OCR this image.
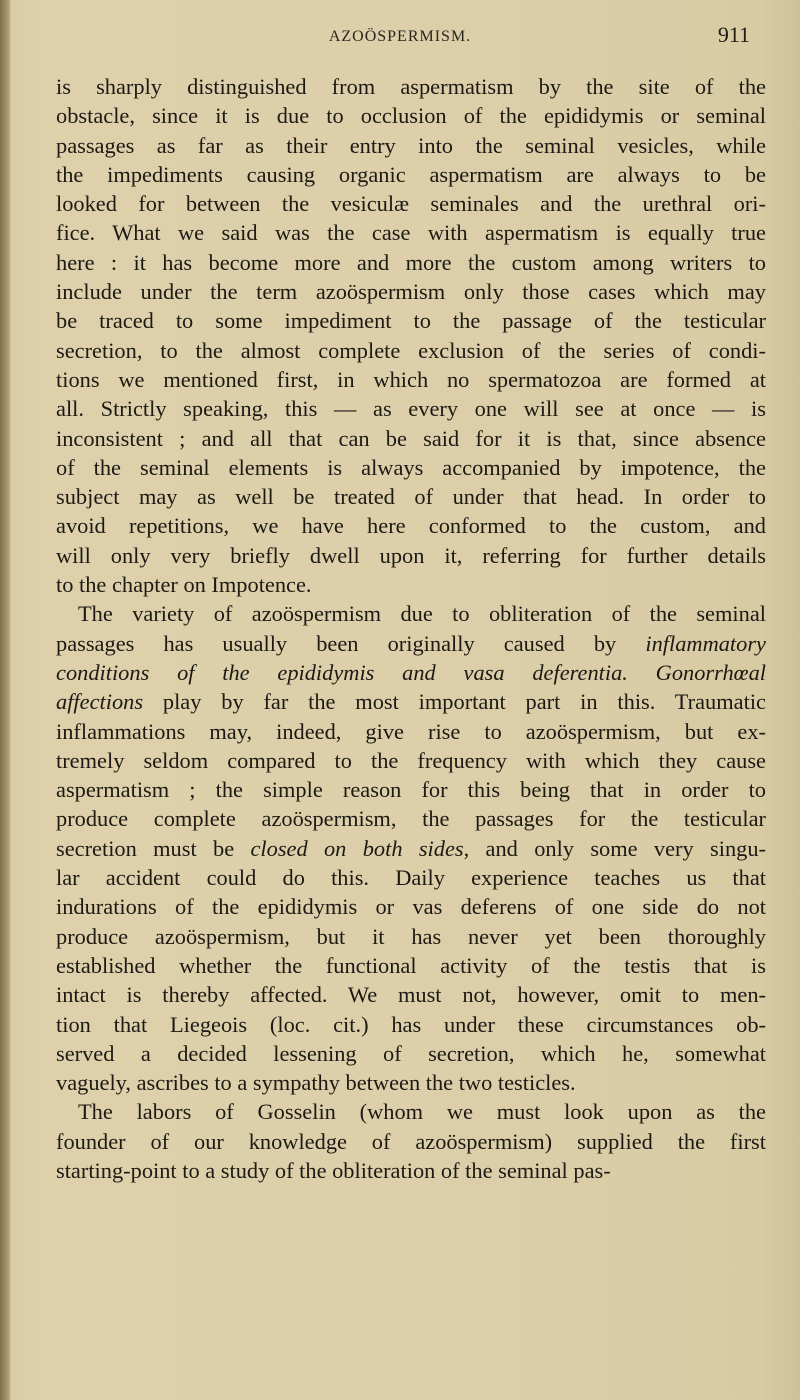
AZOÖSPERMISM.	911
is sharply distinguished from aspermatism by the site of the
obstacle, since it is due to occlusion of the epididymis or seminal
passages as far as their entry into the seminal vesicles, while
the impediments causing organic aspermatism are always to be
looked for between the vesiculæ seminales and the urethral ori-
fice. What we said was the case with aspermatism is equally true
here : it has become more and more the custom among writers to
include under the term azoöspermism only those cases which may
be traced to some impediment to the passage of the testicular
secretion, to the almost complete exclusion of the series of condi-
tions we mentioned first, in which no spermatozoa are formed at
all. Strictly speaking, this — as every one will see at once — is
inconsistent ; and all that can be said for it is that, since absence
of the seminal elements is always accompanied by impotence, the
subject may as well be treated of under that head. In order to
avoid repetitions, we have here conformed to the custom, and
will only very briefly dwell upon it, referring for further details
to the chapter on Impotence.
The variety of azoöspermism due to obliteration of the seminal
passages has usually been originally caused by inflammatory
conditions of the epididymis and vasa deferentia. Gonorrhœal
affections play by far the most important part in this. Traumatic
inflammations may, indeed, give rise to azoöspermism, but ex-
tremely seldom compared to the frequency with which they cause
aspermatism ; the simple reason for this being that in order to
produce complete azoöspermism, the passages for the testicular
secretion must be closed on both sides, and only some very singu-
lar accident could do this. Daily experience teaches us that
indurations of the epididymis or vas deferens of one side do not
produce azoöspermism, but it has never yet been thoroughly
established whether the functional activity of the testis that is
intact is thereby affected. We must not, however, omit to men-
tion that Liegeois (loc. cit.) has under these circumstances ob-
served a decided lessening of secretion, which he, somewhat
vaguely, ascribes to a sympathy between the two testicles.
The labors of Gosselin (whom we must look upon as the
founder of our knowledge of azoöspermism) supplied the first
starting-point to a study of the obliteration of the seminal pas-
